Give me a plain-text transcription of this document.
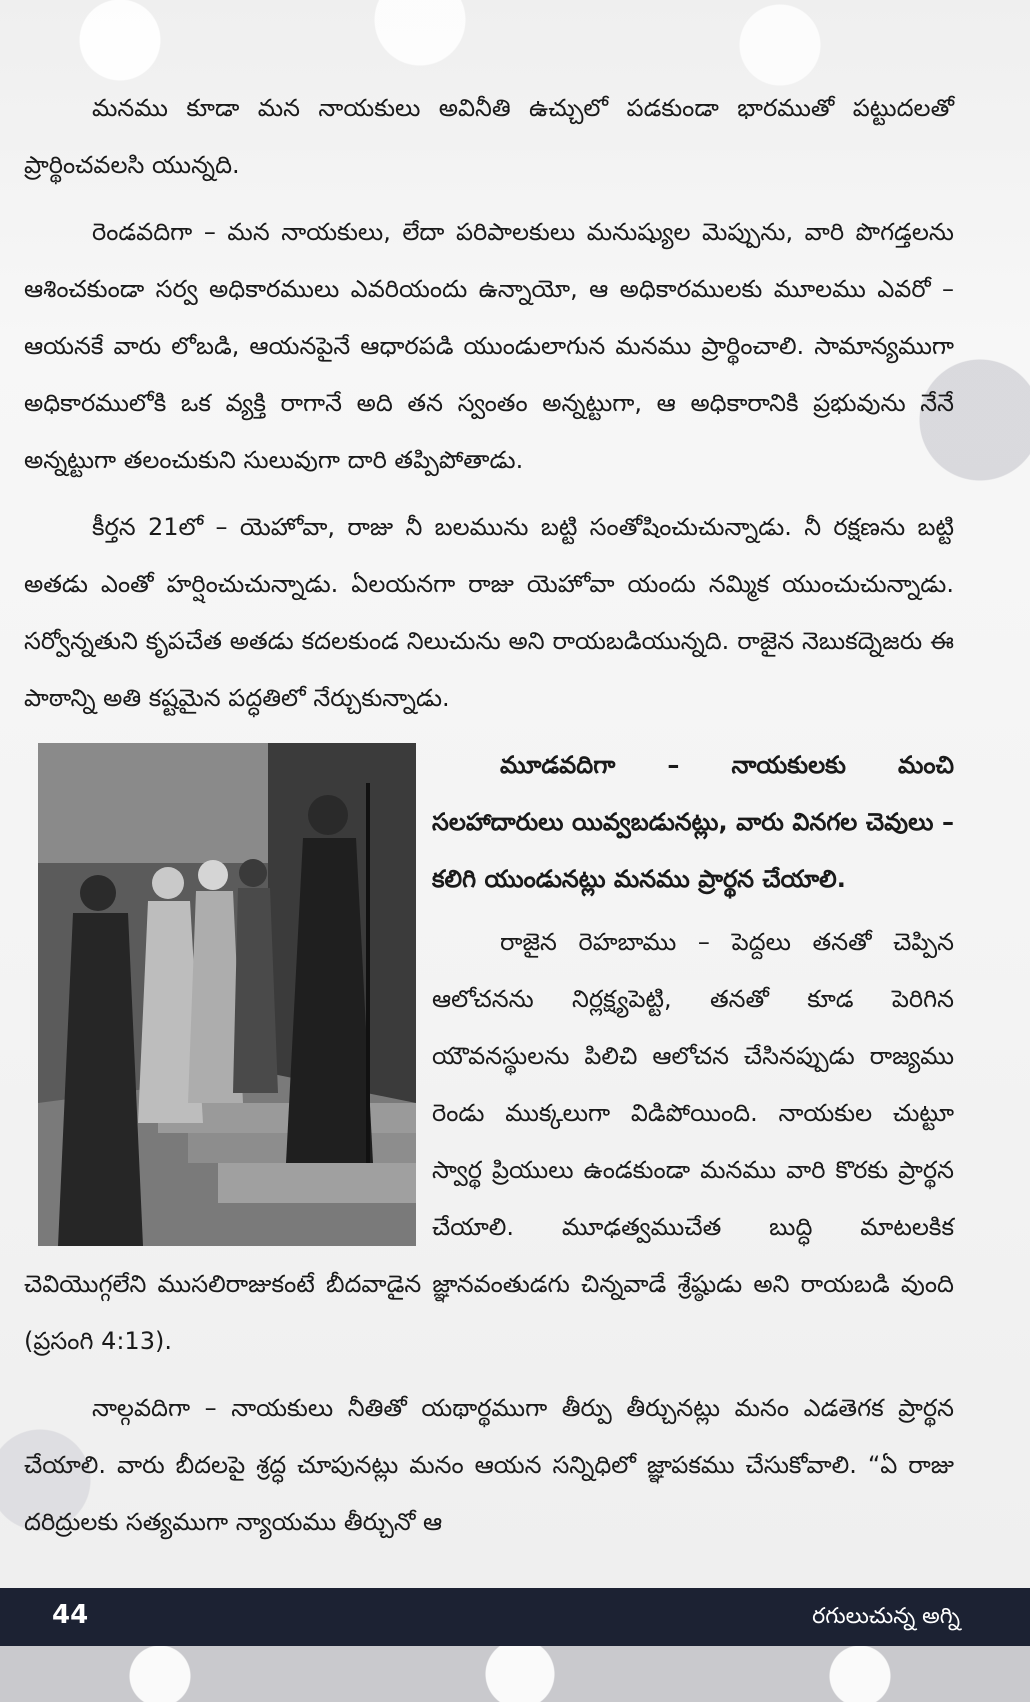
మనము కూడా మన నాయకులు అవినీతి ఉచ్చులో పడకుండా భారముతో పట్టుదలతో ప్రార్థించవలసి యున్నది.

రెండవదిగా – మన నాయకులు, లేదా పరిపాలకులు మనుష్యుల మెప్పును, వారి పొగడ్తలను ఆశించకుండా సర్వ అధికారములు ఎవరియందు ఉన్నాయో, ఆ అధికారములకు మూలము ఎవరో – ఆయనకే వారు లోబడి, ఆయనపైనే ఆధారపడి యుండులాగున మనము ప్రార్థించాలి. సామాన్యముగా అధికారములోకి ఒక వ్యక్తి రాగానే అది తన స్వంతం అన్నట్టుగా, ఆ అధికారానికి ప్రభువును నేనే అన్నట్టుగా తలంచుకుని సులువుగా దారి తప్పిపోతాడు.

కీర్తన 21లో – యెహోవా, రాజు నీ బలమును బట్టి సంతోషించుచున్నాడు. నీ రక్షణను బట్టి అతడు ఎంతో హర్షించుచున్నాడు. ఏలయనగా రాజు యెహోవా యందు నమ్మిక యుంచుచున్నాడు. సర్వోన్నతుని కృపచేత అతడు కదలకుండ నిలుచును అని రాయబడియున్నది. రాజైన నెబుకద్నెజరు ఈ పాఠాన్ని అతి కష్టమైన పద్ధతిలో నేర్చుకున్నాడు.

మూడవదిగా – నాయకులకు మంచి సలహాదారులు యివ్వబడునట్లు, వారు వినగల చెవులు – కలిగి యుండునట్లు మనము ప్రార్థన చేయాలి.

రాజైన రెహబాము – పెద్దలు తనతో చెప్పిన ఆలోచనను నిర్లక్ష్యపెట్టి, తనతో కూడ పెరిగిన యౌవనస్థులను పిలిచి ఆలోచన చేసినప్పుడు రాజ్యము రెండు ముక్కలుగా విడిపోయింది. నాయకుల చుట్టూ స్వార్థ ప్రియులు ఉండకుండా మనము వారి కొరకు ప్రార్థన చేయాలి. మూఢత్వముచేత బుద్ధి మాటలకిక చెవియొగ్గలేని ముసలిరాజుకంటే బీదవాడైన జ్ఞానవంతుడగు చిన్నవాడే శ్రేష్ఠుడు అని రాయబడి వుంది (ప్రసంగి 4:13).

నాల్గవదిగా – నాయకులు నీతితో యథార్థముగా తీర్పు తీర్చునట్లు మనం ఎడతెగక ప్రార్థన చేయాలి. వారు బీదలపై శ్రద్ధ చూపునట్లు మనం ఆయన సన్నిధిలో జ్ఞాపకము చేసుకోవాలి. “ఏ రాజు దరిద్రులకు సత్యముగా న్యాయము తీర్చునో ఆ

44	రగులుచున్న అగ్ని
